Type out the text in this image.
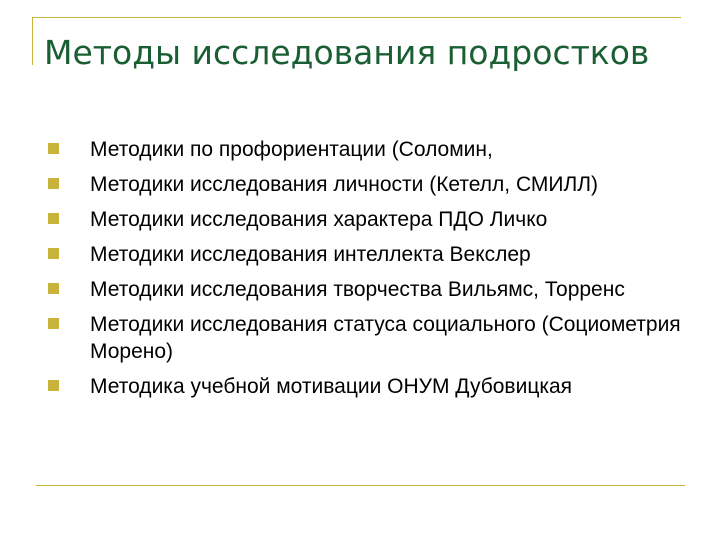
Методы исследования подростков
Методики по профориентации (Соломин,
Методики исследования личности (Кетелл, СМИЛЛ)
Методики исследования характера ПДО Личко
Методики исследования интеллекта Векслер
Методики исследования творчества Вильямс, Торренс
Методики исследования статуса социального (Социометрия Морено)
Методика учебной мотивации ОНУМ Дубовицкая
